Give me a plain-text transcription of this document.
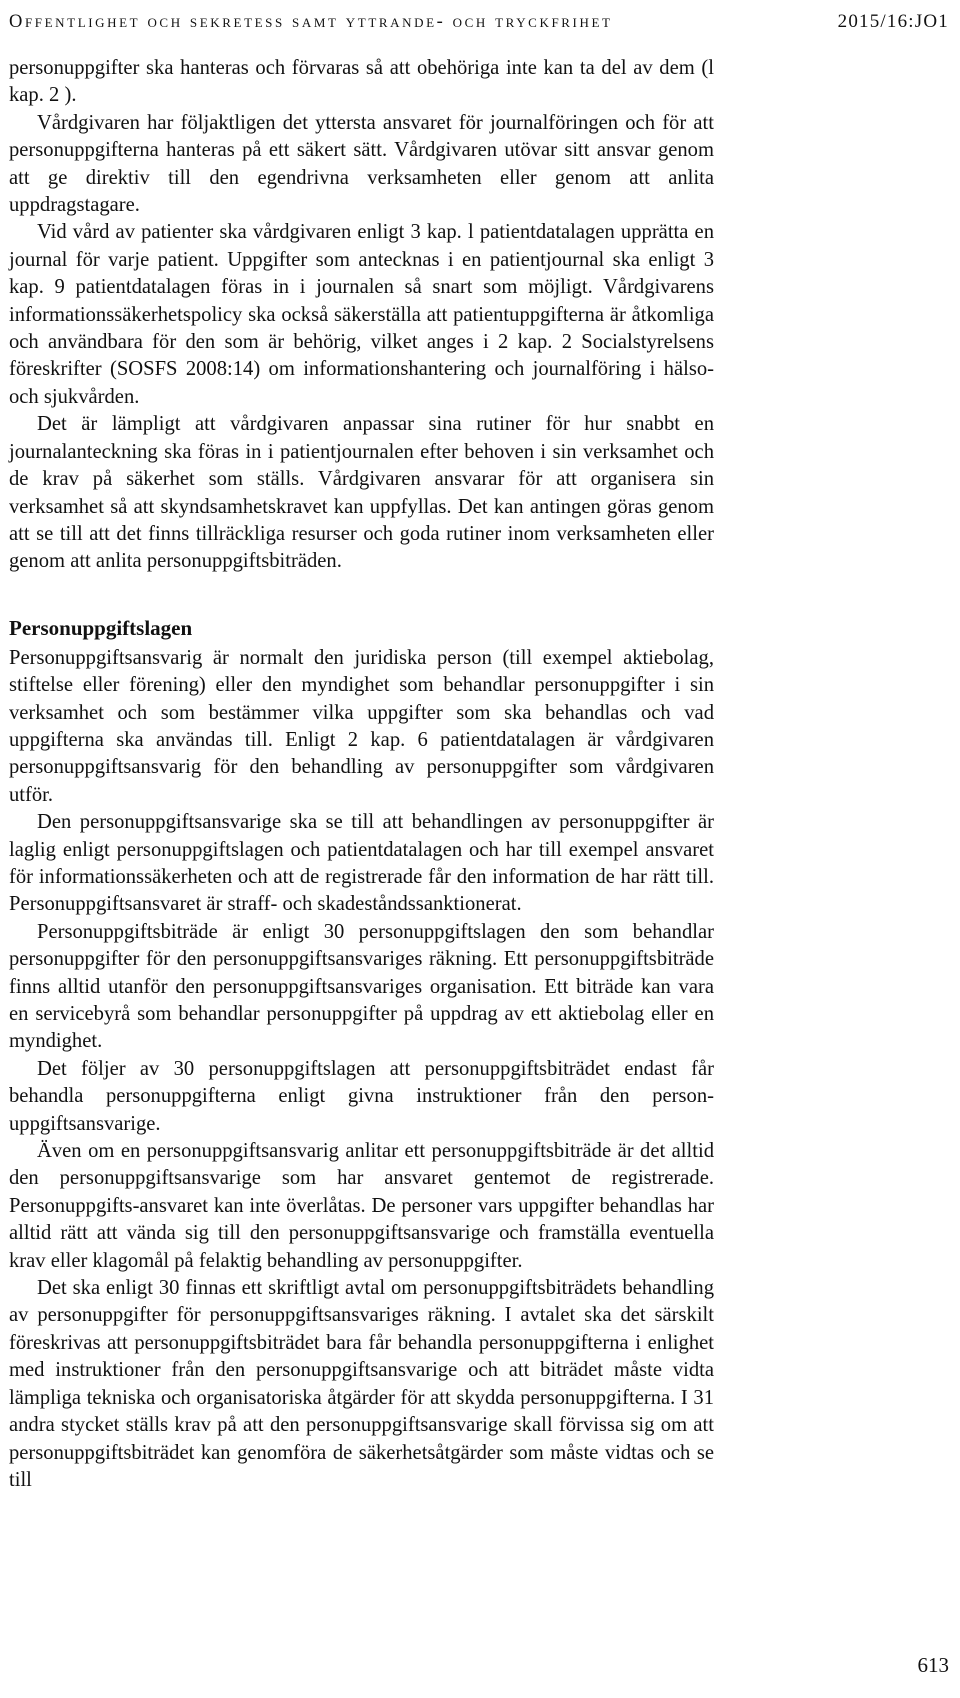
Offentlighet och sekretess samt yttrande- och tryckfrihet	2015/16:JO1

personuppgifter ska hanteras och förvaras så att obehöriga inte kan ta del av dem (l kap. 2 ).

Vårdgivaren har följaktligen det yttersta ansvaret för journalföringen och för att personuppgifterna hanteras på ett säkert sätt. Vårdgivaren utövar sitt ansvar genom att ge direktiv till den egendrivna verksamheten eller genom att anlita uppdragstagare.

Vid vård av patienter ska vårdgivaren enligt 3 kap. l patientdatalagen upprätta en journal för varje patient. Uppgifter som antecknas i en patientjournal ska enligt 3 kap. 9 patientdatalagen föras in i journalen så snart som möjligt. Vårdgivarens informationssäkerhetspolicy ska också säkerställa att patientuppgifterna är åtkomliga och användbara för den som är behörig, vilket anges i 2 kap. 2 Socialstyrelsens föreskrifter (SOSFS 2008:14) om informationshantering och journalföring i hälso- och sjukvården.

Det är lämpligt att vårdgivaren anpassar sina rutiner för hur snabbt en journalanteckning ska föras in i patientjournalen efter behoven i sin verksamhet och de krav på säkerhet som ställs. Vårdgivaren ansvarar för att organisera sin verksamhet så att skyndsamhetskravet kan uppfyllas. Det kan antingen göras genom att se till att det finns tillräckliga resurser och goda rutiner inom verksamheten eller genom att anlita personuppgiftsbiträden.

Personuppgiftslagen

Personuppgiftsansvarig är normalt den juridiska person (till exempel aktiebolag, stiftelse eller förening) eller den myndighet som behandlar personuppgifter i sin verksamhet och som bestämmer vilka uppgifter som ska behandlas och vad uppgifterna ska användas till. Enligt 2 kap. 6 patientdatalagen är vårdgivaren personuppgiftsansvarig för den behandling av personuppgifter som vårdgivaren utför.

Den personuppgiftsansvarige ska se till att behandlingen av personuppgifter är laglig enligt personuppgiftslagen och patientdatalagen och har till exempel ansvaret för informationssäkerheten och att de registrerade får den information de har rätt till. Personuppgiftsansvaret är straff- och skadeståndssanktionerat.

Personuppgiftsbiträde är enligt 30 personuppgiftslagen den som behandlar personuppgifter för den personuppgiftsansvariges räkning. Ett personuppgiftsbiträde finns alltid utanför den personuppgiftsansvariges organisation. Ett biträde kan vara en servicebyrå som behandlar personuppgifter på uppdrag av ett aktiebolag eller en myndighet.

Det följer av 30 personuppgiftslagen att personuppgiftsbiträdet endast får behandla personuppgifterna enligt givna instruktioner från den personuppgiftsansvarige.

Även om en personuppgiftsansvarig anlitar ett personuppgiftsbiträde är det alltid den personuppgiftsansvarige som har ansvaret gentemot de registrerade. Personuppgifts-ansvaret kan inte överlåtas. De personer vars uppgifter behandlas har alltid rätt att vända sig till den personuppgiftsansvarige och framställa eventuella krav eller klagomål på felaktig behandling av personuppgifter.

Det ska enligt 30 finnas ett skriftligt avtal om personuppgiftsbiträdets behandling av personuppgifter för personuppgiftsansvariges räkning. I avtalet ska det särskilt föreskrivas att personuppgiftsbiträdet bara får behandla personuppgifterna i enlighet med instruktioner från den personuppgiftsansvarige och att biträdet måste vidta lämpliga tekniska och organisatoriska åtgärder för att skydda personuppgifterna. I 31 andra stycket ställs krav på att den personuppgiftsansvarige skall förvissa sig om att personuppgiftsbiträdet kan genomföra de säkerhetsåtgärder som måste vidtas och se till

613
